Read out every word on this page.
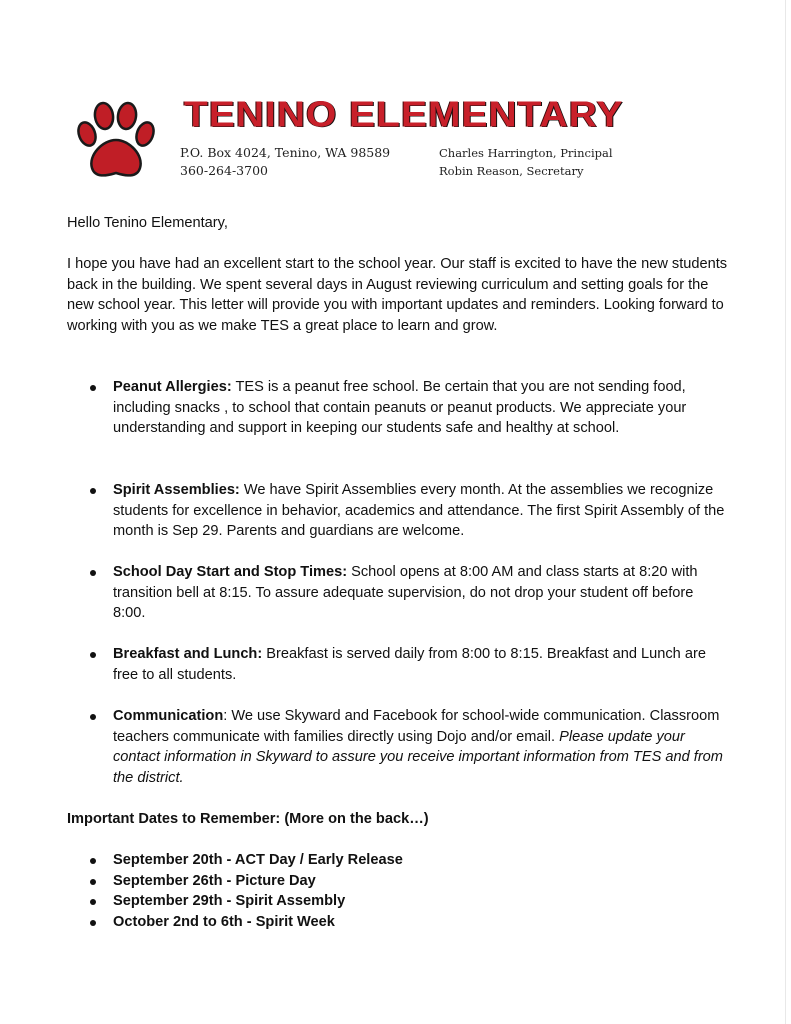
TENINO ELEMENTARY
P.O. Box 4024, Tenino, WA 98589
360-264-3700
Charles Harrington, Principal
Robin Reason, Secretary
Hello Tenino Elementary,
I hope you have had an excellent start to the school year. Our staff is excited to have the new students back in the building. We spent several days in August reviewing curriculum and setting goals for the new school year. This letter will provide you with important updates and reminders. Looking forward to working with you as we make TES a great place to learn and grow.
Peanut Allergies: TES is a peanut free school. Be certain that you are not sending food, including snacks , to school that contain peanuts or peanut products. We appreciate your understanding and support in keeping our students safe and healthy at school.
Spirit Assemblies: We have Spirit Assemblies every month. At the assemblies we recognize students for excellence in behavior, academics and attendance. The first Spirit Assembly of the month is Sep 29. Parents and guardians are welcome.
School Day Start and Stop Times: School opens at 8:00 AM and class starts at 8:20 with transition bell at 8:15. To assure adequate supervision, do not drop your student off before 8:00.
Breakfast and Lunch: Breakfast is served daily from 8:00 to 8:15. Breakfast and Lunch are free to all students.
Communication: We use Skyward and Facebook for school-wide communication. Classroom teachers communicate with families directly using Dojo and/or email. Please update your contact information in Skyward to assure you receive important information from TES and from the district.
Important Dates to Remember: (More on the back…)
September 20th - ACT Day / Early Release
September 26th - Picture Day
September 29th - Spirit Assembly
October 2nd to 6th - Spirit Week
